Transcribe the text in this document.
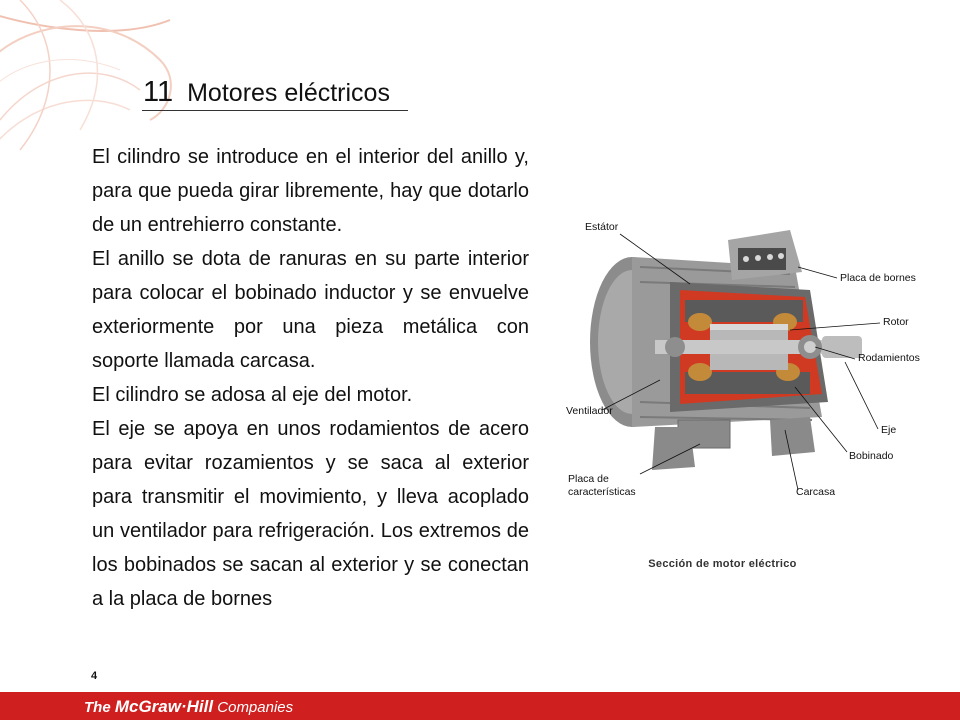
11 Motores eléctricos

El cilindro se introduce en el interior del anillo y, para que pueda girar libremente, hay que dotarlo de un entrehierro constante.

El anillo se dota de ranuras en su parte interior para colocar el bobinado inductor y se envuelve exteriormente por una pieza metálica con soporte llamada carcasa.

El cilindro se adosa al eje del motor.

El eje se apoya en unos rodamientos de acero para evitar rozamientos y se saca al exterior para transmitir el movimiento, y lleva acoplado un ventilador para refrigeración. Los extremos de los bobinados se sacan al exterior y se conectan a la placa de bornes

Estátor
Placa de bornes
Rotor
Rodamientos
Ventilador
Eje
Bobinado
Placa de
características	Carcasa
Sección de motor eléctrico
4
The McGraw·Hill Companies
